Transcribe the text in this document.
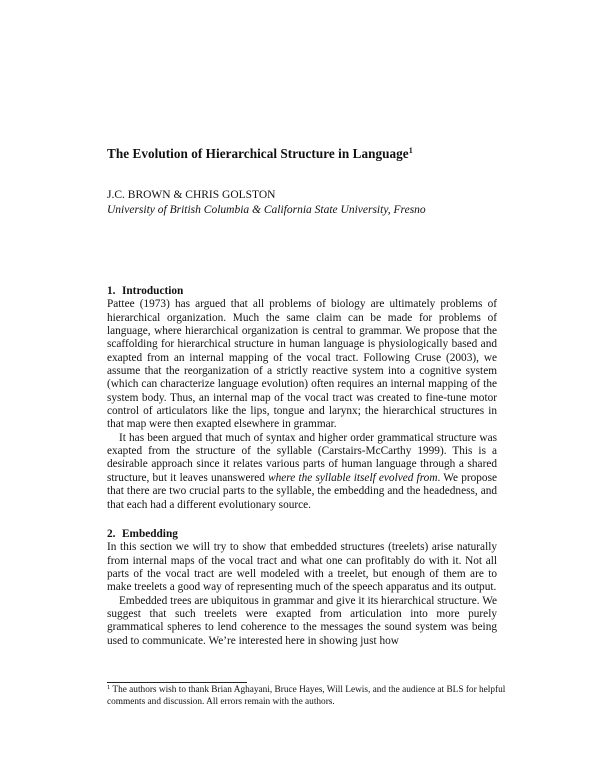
The Evolution of Hierarchical Structure in Language$^1$
J.C. BROWN & CHRIS GOLSTON
University of British Columbia & California State University, Fresno
1. Introduction

Pattee (1973) has argued that all problems of biology are ultimately problems of hierarchical organization. Much the same claim can be made for problems of language, where hierarchical organization is central to grammar. We propose that the scaffolding for hierarchical structure in human language is physiologically based and exapted from an internal mapping of the vocal tract. Following Cruse (2003), we assume that the reorganization of a strictly reactive system into a cognitive system (which can characterize language evolution) often requires an internal mapping of the system body. Thus, an internal map of the vocal tract was created to fine-tune motor control of articulators like the lips, tongue and larynx; the hierarchical structures in that map were then exapted elsewhere in grammar.

It has been argued that much of syntax and higher order grammatical structure was exapted from the structure of the syllable (Carstairs-McCarthy 1999). This is a desirable approach since it relates various parts of human language through a shared structure, but it leaves unanswered where the syllable itself evolved from. We propose that there are two crucial parts to the syllable, the embedding and the headedness, and that each had a different evolutionary source.

2. Embedding

In this section we will try to show that embedded structures (treelets) arise naturally from internal maps of the vocal tract and what one can profitably do with it. Not all parts of the vocal tract are well modeled with a treelet, but enough of them are to make treelets a good way of representing much of the speech apparatus and its output.

Embedded trees are ubiquitous in grammar and give it its hierarchical structure. We suggest that such treelets were exapted from articulation into more purely grammatical spheres to lend coherence to the messages the sound system was being used to communicate. We’re interested here in showing just how

$^1$ The authors wish to thank Brian Aghayani, Bruce Hayes, Will Lewis, and the audience at BLS for helpful comments and discussion. All errors remain with the authors.
